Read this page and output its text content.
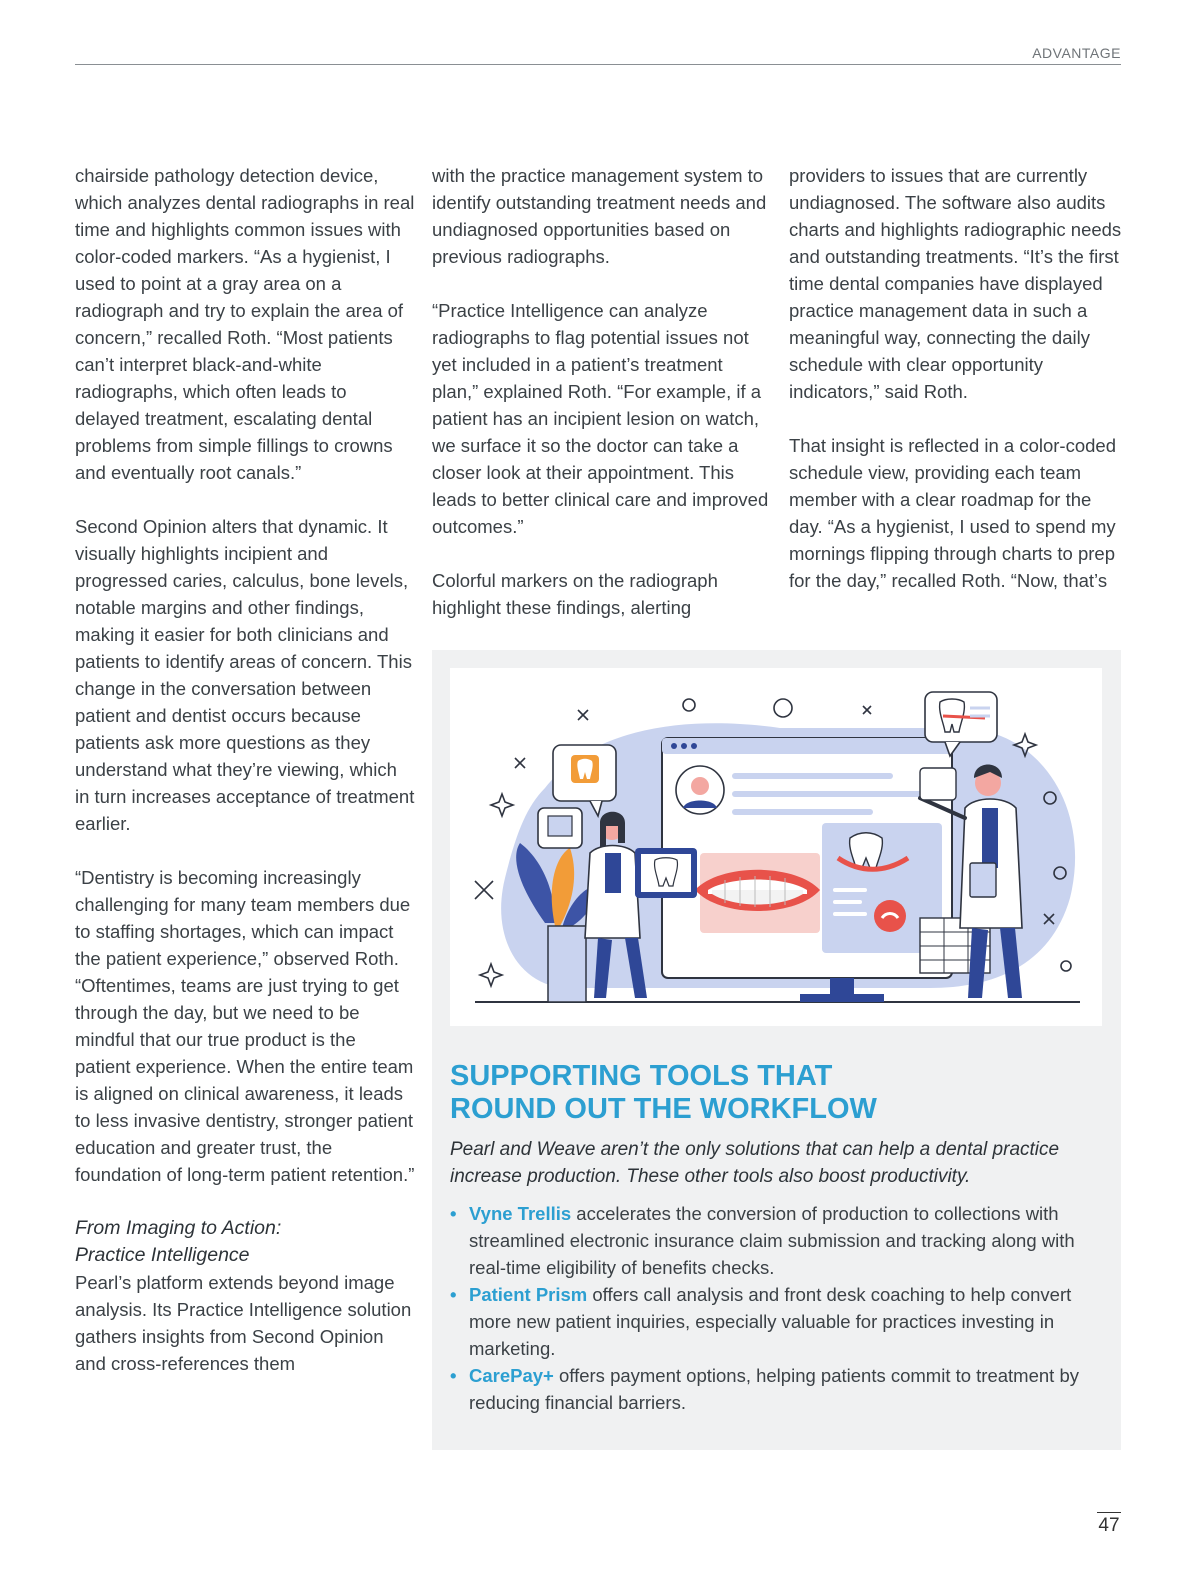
ADVANTAGE

chairside pathology detection device, which analyzes dental radiographs in real time and highlights common issues with color-coded markers. “As a hygienist, I used to point at a gray area on a radiograph and try to explain the area of concern,” recalled Roth. “Most patients can’t interpret black-and-white radiographs, which often leads to delayed treatment, escalating dental problems from simple fillings to crowns and eventually root canals.”

Second Opinion alters that dynamic. It visually highlights incipient and progressed caries, calculus, bone levels, notable margins and other findings, making it easier for both clinicians and patients to identify areas of concern. This change in the conversation between patient and dentist occurs because patients ask more questions as they understand what they’re viewing, which in turn increases acceptance of treatment earlier.

“Dentistry is becoming increasingly challenging for many team members due to staffing shortages, which can impact the patient experience,” observed Roth. “Oftentimes, teams are just trying to get through the day, but we need to be mindful that our true product is the patient experience. When the entire team is aligned on clinical awareness, it leads to less invasive dentistry, stronger patient education and greater trust, the foundation of long-term patient retention.”

From Imaging to Action:
Practice Intelligence

Pearl’s platform extends beyond image analysis. Its Practice Intelligence solution gathers insights from Second Opinion and cross-references them

with the practice management system to identify outstanding treatment needs and undiagnosed opportunities based on previous radiographs.

“Practice Intelligence can analyze radiographs to flag potential issues not yet included in a patient’s treatment plan,” explained Roth. “For example, if a patient has an incipient lesion on watch, we surface it so the doctor can take a closer look at their appointment. This leads to better clinical care and improved outcomes.”

Colorful markers on the radiograph highlight these findings, alerting

providers to issues that are currently undiagnosed. The software also audits charts and highlights radiographic needs and outstanding treatments. “It’s the first time dental companies have displayed practice management data in such a meaningful way, connecting the daily schedule with clear opportunity indicators,” said Roth.

That insight is reflected in a color-coded schedule view, providing each team member with a clear roadmap for the day. “As a hygienist, I used to spend my mornings flipping through charts to prep for the day,” recalled Roth. “Now, that’s

SUPPORTING TOOLS THAT
ROUND OUT THE WORKFLOW

Pearl and Weave aren’t the only solutions that can help a dental practice increase production. These other tools also boost productivity.

• Vyne Trellis accelerates the conversion of production to collections with streamlined electronic insurance claim submission and tracking along with real-time eligibility of benefits checks.
• Patient Prism offers call analysis and front desk coaching to help convert more new patient inquiries, especially valuable for practices investing in marketing.
• CarePay+ offers payment options, helping patients commit to treatment by reducing financial barriers.
47
